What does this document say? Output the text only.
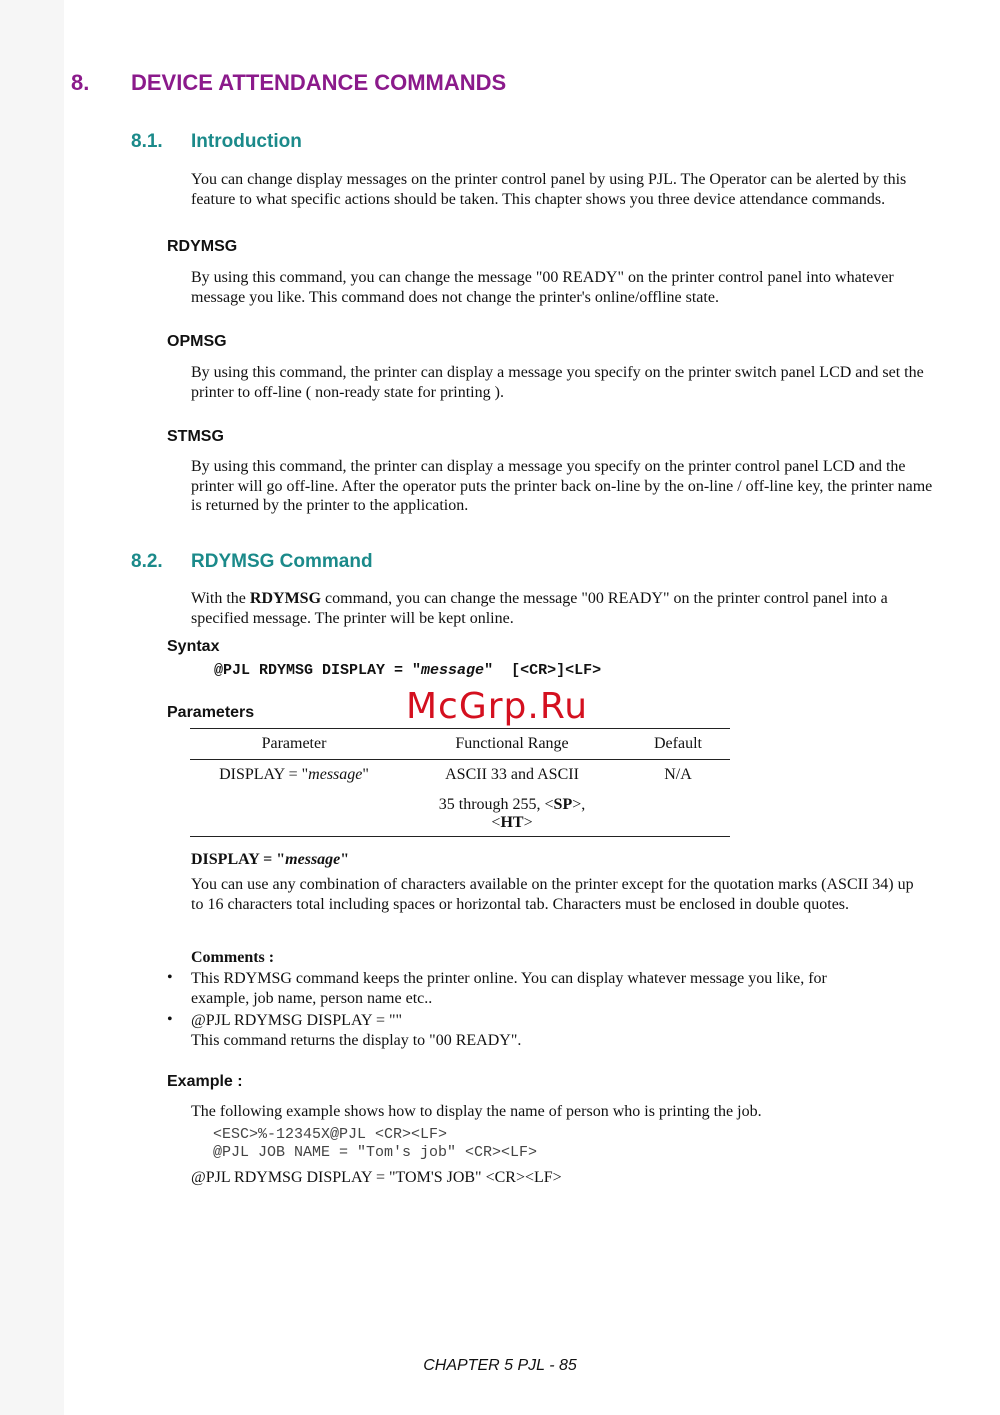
8. DEVICE ATTENDANCE COMMANDS
8.1. Introduction
You can change display messages on the printer control panel by using PJL. The Operator can be alerted by this feature to what specific actions should be taken. This chapter shows you three device attendance commands.
RDYMSG
By using this command, you can change the message "00 READY" on the printer control panel into whatever message you like. This command does not change the printer's online/offline state.
OPMSG
By using this command, the printer can display a message you specify on the printer switch panel LCD and set the printer to off-line ( non-ready state for printing ).
STMSG
By using this command, the printer can display a message you specify on the printer control panel LCD and the printer will go off-line. After the operator puts the printer back on-line by the on-line / off-line key, the printer name is returned by the printer to the application.
8.2. RDYMSG Command
With the RDYMSG command, you can change the message "00 READY" on the printer control panel into a specified message. The printer will be kept online.
Syntax
@PJL RDYMSG DISPLAY = "message"  [<CR>]<LF>
Parameters	McGrp.Ru
Parameter	Functional Range	Default
DISPLAY = "message"	ASCII 33 and ASCII	N/A

	35 through 255, <SP>,
<HT>	

DISPLAY = "message"
You can use any combination of characters available on the printer except for the quotation marks (ASCII 34) up to 16 characters total including spaces or horizontal tab. Characters must be enclosed in double quotes.
Comments :
• This RDYMSG command keeps the printer online. You can display whatever message you like, for
example, job name, person name etc..
• @PJL RDYMSG DISPLAY = ""
This command returns the display to "00 READY".
Example :
The following example shows how to display the name of person who is printing the job.
<ESC>%-12345X@PJL <CR><LF>
@PJL JOB NAME = "Tom's job" <CR><LF>
@PJL RDYMSG DISPLAY = "TOM'S JOB" <CR><LF>
CHAPTER 5 PJL - 85
